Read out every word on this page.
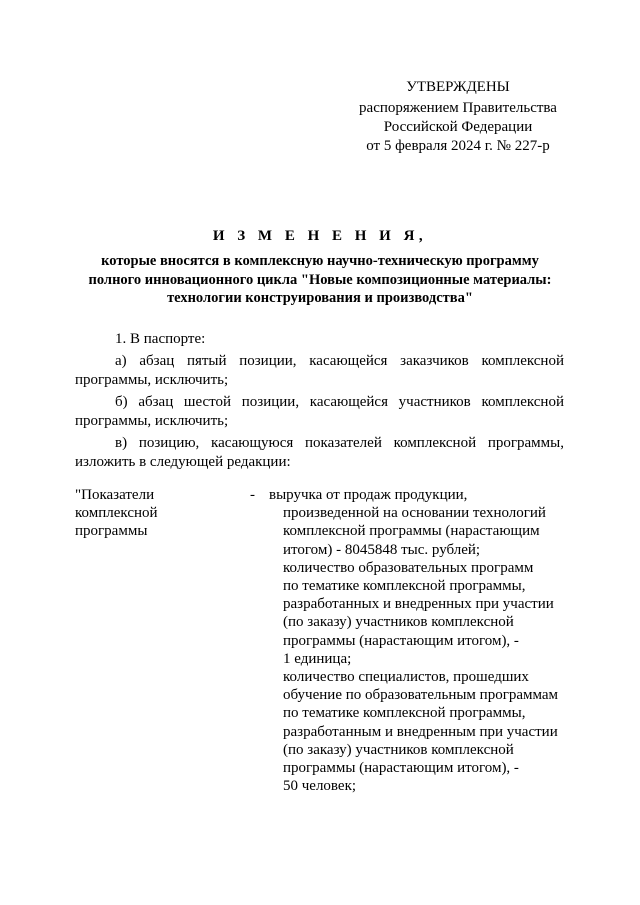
УТВЕРЖДЕНЫ
распоряжением Правительства
Российской Федерации
от 5 февраля 2024 г. № 227-р
И З М Е Н Е Н И Я,
которые вносятся в комплексную научно-техническую программу
полного инновационного цикла "Новые композиционные материалы:
технологии конструирования и производства"

1. В паспорте:

а) абзац пятый позиции, касающейся заказчиков комплексной программы, исключить;

б) абзац шестой позиции, касающейся участников комплексной программы, исключить;

в) позицию, касающуюся показателей комплексной программы, изложить в следующей редакции:

"Показатели
комплексной
программы
- выручка от продаж продукции,
произведенной на основании технологий
комплексной программы (нарастающим
итогом) - 8045848 тыс. рублей;
количество образовательных программ
по тематике комплексной программы,
разработанных и внедренных при участии
(по заказу) участников комплексной
программы (нарастающим итогом), -
1 единица;
количество специалистов, прошедших
обучение по образовательным программам
по тематике комплексной программы,
разработанным и внедренным при участии
(по заказу) участников комплексной
программы (нарастающим итогом), -
50 человек;
